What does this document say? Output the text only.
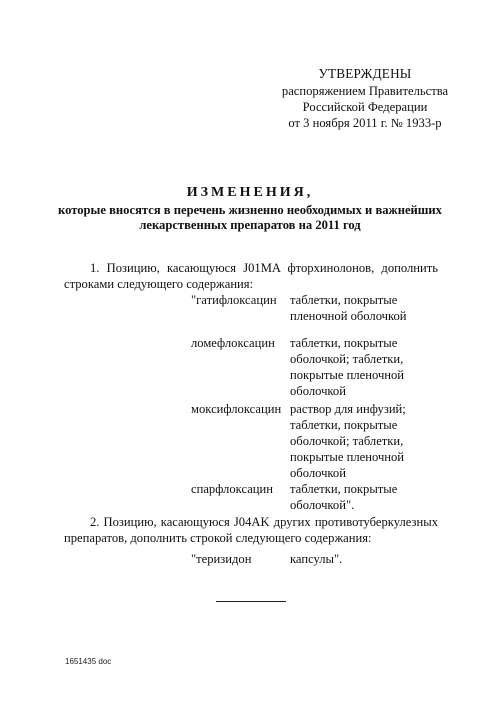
УТВЕРЖДЕНЫ
распоряжением Правительства
Российской Федерации
от 3 ноября 2011 г. № 1933-р
ИЗМЕНЕНИЯ,
которые вносятся в перечень жизненно необходимых и важнейших
лекарственных препаратов на 2011 год
1. Позицию, касающуюся J01MA фторхинолонов, дополнить
строками следующего содержания:
"гатифлоксацин	таблетки, покрытые
пленочной оболочкой
ломефлоксацин	таблетки, покрытые
оболочкой; таблетки,
покрытые пленочной
оболочкой
моксифлоксацин раствор для инфузий;
таблетки, покрытые
оболочкой; таблетки,
покрытые пленочной
оболочкой
спарфлоксацин	таблетки, покрытые
оболочкой".
2. Позицию, касающуюся J04AK других противотуберкулезных
препаратов, дополнить строкой следующего содержания:
"теризидон	капсулы".
1651435 doc
